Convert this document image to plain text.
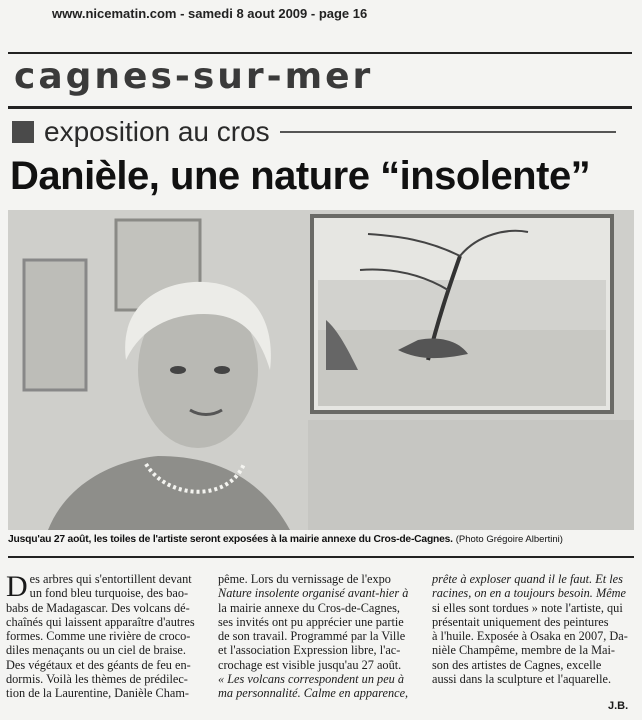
www.nicematin.com - samedi 8 aout 2009 - page 16
cagnes-sur-mer
exposition au cros
Danièle, une nature “insolente”
Jusqu'au 27 août, les toiles de l'artiste seront exposées à la mairie annexe du Cros-de-Cagnes. (Photo Grégoire Albertini)
D es arbres qui s'entortillent devant

un fond bleu turquoise, des bao-

babs de Madagascar. Des volcans dé-

chaînés qui laissent apparaître d'autres

formes. Comme une rivière de croco-

diles menaçants ou un ciel de braise.

Des végétaux et des géants de feu en-

dormis. Voilà les thèmes de prédilec-

tion de la Laurentine, Danièle Cham-

pême. Lors du vernissage de l'expo

Nature insolente organisé avant-hier à

la mairie annexe du Cros-de-Cagnes,

ses invités ont pu apprécier une partie

de son travail. Programmé par la Ville

et l'association Expression libre, l'ac-

crochage est visible jusqu'au 27 août.

« Les volcans correspondent un peu à

ma personnalité. Calme en apparence,

prête à exploser quand il le faut. Et les

racines, on en a toujours besoin. Même

si elles sont tordues » note l'artiste, qui

présentait uniquement des peintures

à l'huile. Exposée à Osaka en 2007, Da-

nièle Champême, membre de la Mai-

son des artistes de Cagnes, excelle

aussi dans la sculpture et l'aquarelle.

J.B.
